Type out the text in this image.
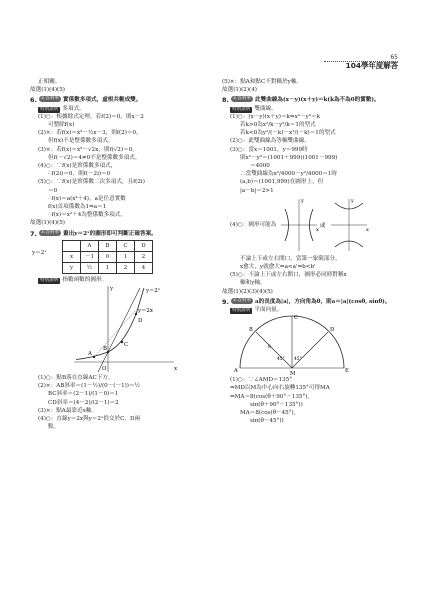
65
104學年度解答
正相關。
故選(1)(4)(5)
6. 3.答對率 實係數多項式，虛根共軛成雙。
特別說明 多項式。
(1)○：根據餘式定理，若f(2)＝0，則x－2
可整除f(x)
(2)×：若f(x)＝x²－½x－3，則f(2)＝0，
但f(x)不是整係數多項式。
(3)×：若f(x)＝x²－√2x，則f(√2)＝0，
但f(－√2)＝4≠0不是整係數多項式。
(4)○：∵f(x)是實係數多項式，
∴f(2i)＝0，則f(－2i)＝0
(5)○：∵f(x)是實係數二次多項式，且f(2i)
＝0
∴f(x)＝a(x²＋4)，a是任意實數
f(x)首項係數為1⇒a＝1
∴f(x)＝x²＋4為整係數多項式。
故選(1)(4)(5)
7. 3.答對率 畫出y＝2ˣ的圖形即可判斷正確答案。
y＝2ˣ
	A	B	C	D
x	－1	0	1	2
y	½	1	2	4
特別說明 指數函數的圖形。
y＝2ˣ
y＝2x
x
y
O
A
B
C
D
(1)○：點B落在直線AC下方。
(2)×：AB斜率＝(1－½)/(0－(－1))＝½
BC斜率＝(2－1)/(1－0)＝1
CD斜率＝(4－2)/(2－1)＝2
(3)×：點A最靠近x軸。
(4)○：直線y＝2x與y＝2ˣ恰交於C、D兩
點。
(5)×：點A和點C不對稱於y軸。
故選(1)(2)(4)
8. 3.答對率 此雙曲線為(x－y)(x＋y)＝k(k為不為0的實數)。
特別說明 雙曲線。
(1)○：(x－y)(x＋y)＝k⇒x²－y²＝k
若k>0為x²/k－y²/k＝1的型式
若k<0為y²/(－k)－x²/(－k)＝1的型式
(2)○：此雙曲線為等軸雙曲線。
(3)○：當x＝1001，y＝999時
則x²－y²＝(1001＋999)(1001－999)
＝4000
∴當雙曲線為x²/4000－y²/4000＝1時
(a,b)＝(1001,999)在圖形上，但
|a－b|＝2>1
(4)○：圖形可能為
x
y
或
x
y
不論上下或左右開口，當第一象限部分，
x愈大，y就愈大⇒a<a'⇒b<b'
(5)○：不論上下或左右開口，圖形必同時對稱x
軸和y軸。
故選(1)(2)(3)(4)(5)
9. 3.答對率 a的長度為|a|，方向角為θ，則a＝|a|(cosθ, sinθ)。
特別說明 平面向量。
A
B
C
D
E
M
45° 45°
8
(1)○：∵∠AMD＝135°
⇒MD以M為中心向右旋轉135°可得MA
⇒MA＝8(cos(θ＋90°－135°),
sin(θ＋90°－135°))
MA＝8(cos(θ－45°),
sin(θ－45°))
